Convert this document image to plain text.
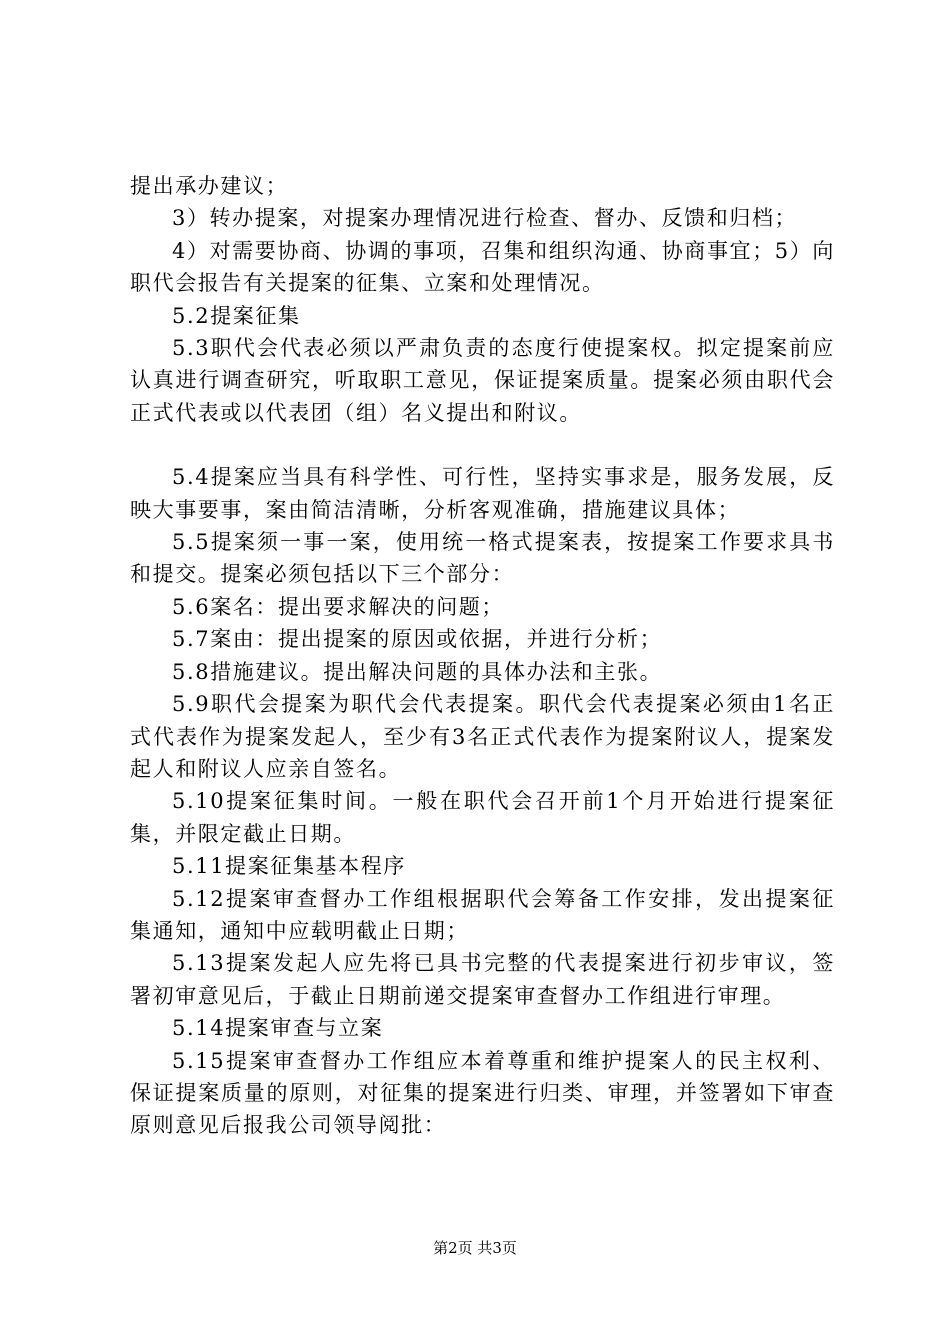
提出承办建议；

3）转办提案，对提案办理情况进行检查、督办、反馈和归档；

4）对需要协商、协调的事项，召集和组织沟通、协商事宜；5）向职代会报告有关提案的征集、立案和处理情况。

5.2提案征集

5.3职代会代表必须以严肃负责的态度行使提案权。拟定提案前应认真进行调查研究，听取职工意见，保证提案质量。提案必须由职代会正式代表或以代表团（组）名义提出和附议。

5.4提案应当具有科学性、可行性，坚持实事求是，服务发展，反映大事要事，案由简洁清晰，分析客观准确，措施建议具体；

5.5提案须一事一案，使用统一格式提案表，按提案工作要求具书和提交。提案必须包括以下三个部分：

5.6案名：提出要求解决的问题；

5.7案由：提出提案的原因或依据，并进行分析；

5.8措施建议。提出解决问题的具体办法和主张。

5.9职代会提案为职代会代表提案。职代会代表提案必须由1名正式代表作为提案发起人，至少有3名正式代表作为提案附议人，提案发起人和附议人应亲自签名。

5.10提案征集时间。一般在职代会召开前1个月开始进行提案征集，并限定截止日期。

5.11提案征集基本程序

5.12提案审查督办工作组根据职代会筹备工作安排，发出提案征集通知，通知中应载明截止日期；

5.13提案发起人应先将已具书完整的代表提案进行初步审议，签署初审意见后，于截止日期前递交提案审查督办工作组进行审理。

5.14提案审查与立案

5.15提案审查督办工作组应本着尊重和维护提案人的民主权利、保证提案质量的原则，对征集的提案进行归类、审理，并签署如下审查原则意见后报我公司领导阅批：

第2页 共3页
